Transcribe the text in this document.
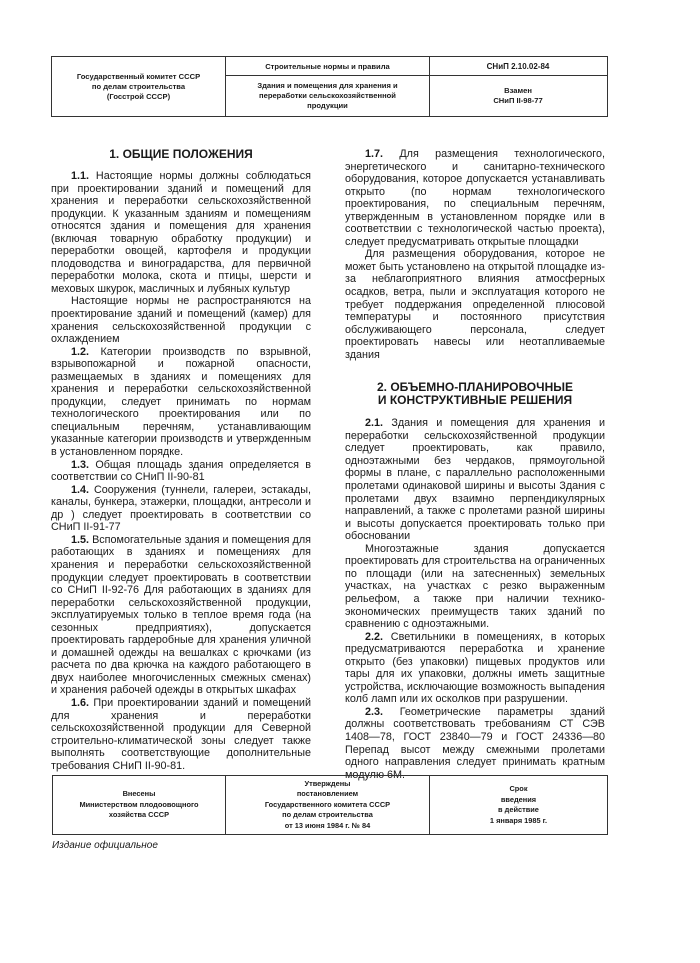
Государственный комитет СССР
по делам строительства
(Госстрой СССР)
Строительные нормы и правила
Здания и помещения для хранения и
переработки сельскохозяйственной
продукции
СНиП 2.10.02-84
Взамен
СНиП II-98-77
1. ОБЩИЕ ПОЛОЖЕНИЯ

1.1. Настоящие нормы должны соблюдаться при проектировании зданий и помещений для хранения и переработки сельскохозяйственной продукции. К указанным зданиям и помещениям относятся здания и помещения для хранения (включая товарную обработку продукции) и переработки овощей, картофеля и продукции плодоводства и виноградарства, для первичной переработки молока, скота и птицы, шерсти и меховых шкурок, масличных и лубяных культур

Настоящие нормы не распространяются на проектирование зданий и помещений (камер) для хранения сельскохозяйственной продукции с охлаждением

1.2. Категории производств по взрывной, взрывопожарной и пожарной опасности, размещаемых в зданиях и помещениях для хранения и переработки сельскохозяйственной продукции, следует принимать по нормам технологического проектирования или по специальным перечням, устанавливающим указанные категории производств и утвержденным в установленном порядке.

1.3. Общая площадь здания определяется в соответствии со СНиП II-90-81

1.4. Сооружения (туннели, галереи, эстакады, каналы, бункера, этажерки, площадки, антресоли и др ) следует проектировать в соответствии со СНиП II-91-77

1.5. Вспомогательные здания и помещения для работающих в зданиях и помещениях для хранения и переработки сельскохозяйственной продукции следует проектировать в соответствии со СНиП II-92-76 Для работающих в зданиях для переработки сельскохозяйственной продукции, эксплуатируемых только в теплое время года (на сезонных предприятиях), допускается проектировать гардеробные для хранения уличной и домашней одежды на вешалках с крючками (из расчета по два крючка на каждого работающего в двух наиболее многочисленных смежных сменах) и хранения рабочей одежды в открытых шкафах

1.6. При проектировании зданий и помещений для хранения и переработки сельскохозяйственной продукции для Северной строительно-климатической зоны следует также выполнять соответствующие дополнительные требования СНиП II-90-81.

1.7. Для размещения технологического, энергетического и санитарно-технического оборудования, которое допускается устанавливать открыто (по нормам технологического проектирования, по специальным перечням, утвержденным в установленном порядке или в соответствии с технологической частью проекта), следует предусматривать открытые площадки

Для размещения оборудования, которое не может быть установлено на открытой площадке из-за неблагоприятного влияния атмосферных осадков, ветра, пыли и эксплуатация которого не требует поддержания определенной плюсовой температуры и постоянного присутствия обслуживающего персонала, следует проектировать навесы или неотапливаемые здания

2. ОБЪЕМНО-ПЛАНИРОВОЧНЫЕ
И КОНСТРУКТИВНЫЕ РЕШЕНИЯ

2.1. Здания и помещения для хранения и переработки сельскохозяйственной продукции следует проектировать, как правило, одноэтажными без чердаков, прямоугольной формы в плане, с параллельно расположенными пролетами одинаковой ширины и высоты Здания с пролетами двух взаимно перпендикулярных направлений, а также с пролетами разной ширины и высоты допускается проектировать только при обосновании

Многоэтажные здания допускается проектировать для строительства на ограниченных по площади (или на затесненных) земельных участках, на участках с резко выраженным рельефом, а также при наличии технико-экономических преимуществ таких зданий по сравнению с одноэтажными.

2.2. Светильники в помещениях, в которых предусматриваются переработка и хранение открыто (без упаковки) пищевых продуктов или тары для их упаковки, должны иметь защитные устройства, исключающие возможность выпадения колб ламп или их осколков при разрушении.

2.3. Геометрические параметры зданий должны соответствовать требованиям СТ СЭВ 1408—78, ГОСТ 23840—79 и ГОСТ 24336—80 Перепад высот между смежными пролетами одного направления следует принимать кратным модулю 6М.

Внесены
Министерством плодоовощного
хозяйства СССР
Утверждены
постановлением
Государственного комитета СССР
по делам строительства
от 13 июня 1984 г. № 84
Срок
введения
в действие
1 января 1985 г.
Издание официальное
